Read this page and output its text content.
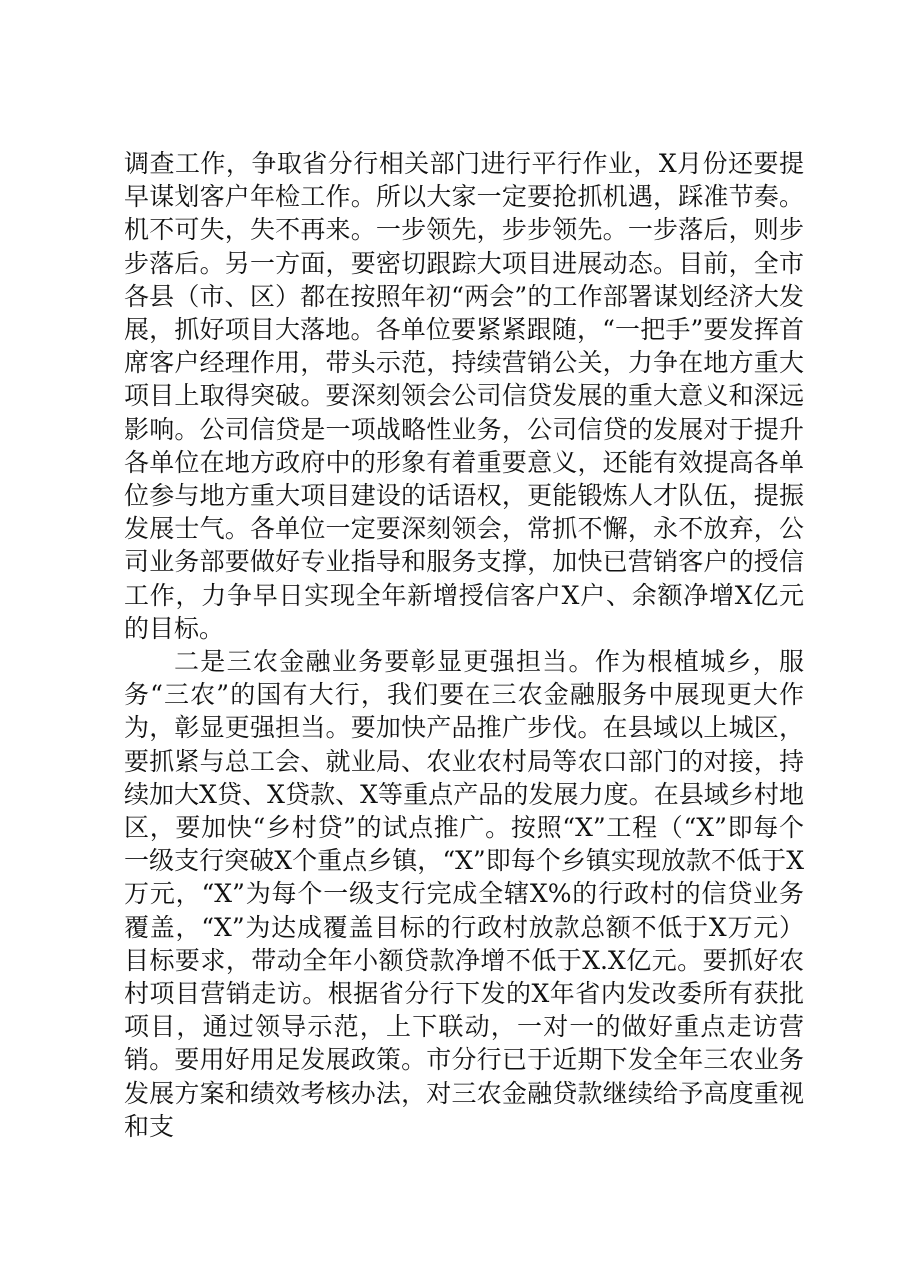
调查工作，争取省分行相关部门进行平行作业，X月份还要提早谋划客户年检工作。所以大家一定要抢抓机遇，踩准节奏。机不可失，失不再来。一步领先，步步领先。一步落后，则步步落后。另一方面，要密切跟踪大项目进展动态。目前，全市各县（市、区）都在按照年初“两会”的工作部署谋划经济大发展，抓好项目大落地。各单位要紧紧跟随，“一把手”要发挥首席客户经理作用，带头示范，持续营销公关，力争在地方重大项目上取得突破。要深刻领会公司信贷发展的重大意义和深远影响。公司信贷是一项战略性业务，公司信贷的发展对于提升各单位在地方政府中的形象有着重要意义，还能有效提高各单位参与地方重大项目建设的话语权，更能锻炼人才队伍，提振发展士气。各单位一定要深刻领会，常抓不懈，永不放弃，公司业务部要做好专业指导和服务支撑，加快已营销客户的授信工作，力争早日实现全年新增授信客户X户、余额净增X亿元的目标。

二是三农金融业务要彰显更强担当。作为根植城乡，服务“三农”的国有大行，我们要在三农金融服务中展现更大作为，彰显更强担当。要加快产品推广步伐。在县域以上城区，要抓紧与总工会、就业局、农业农村局等农口部门的对接，持续加大X贷、X贷款、X等重点产品的发展力度。在县域乡村地区，要加快“乡村贷”的试点推广。按照“X”工程（“X”即每个一级支行突破X个重点乡镇，“X”即每个乡镇实现放款不低于X万元，“X”为每个一级支行完成全辖X%的行政村的信贷业务覆盖，“X”为达成覆盖目标的行政村放款总额不低于X万元）目标要求，带动全年小额贷款净增不低于X.X亿元。要抓好农村项目营销走访。根据省分行下发的X年省内发改委所有获批项目，通过领导示范，上下联动，一对一的做好重点走访营销。要用好用足发展政策。市分行已于近期下发全年三农业务发展方案和绩效考核办法，对三农金融贷款继续给予高度重视和支
